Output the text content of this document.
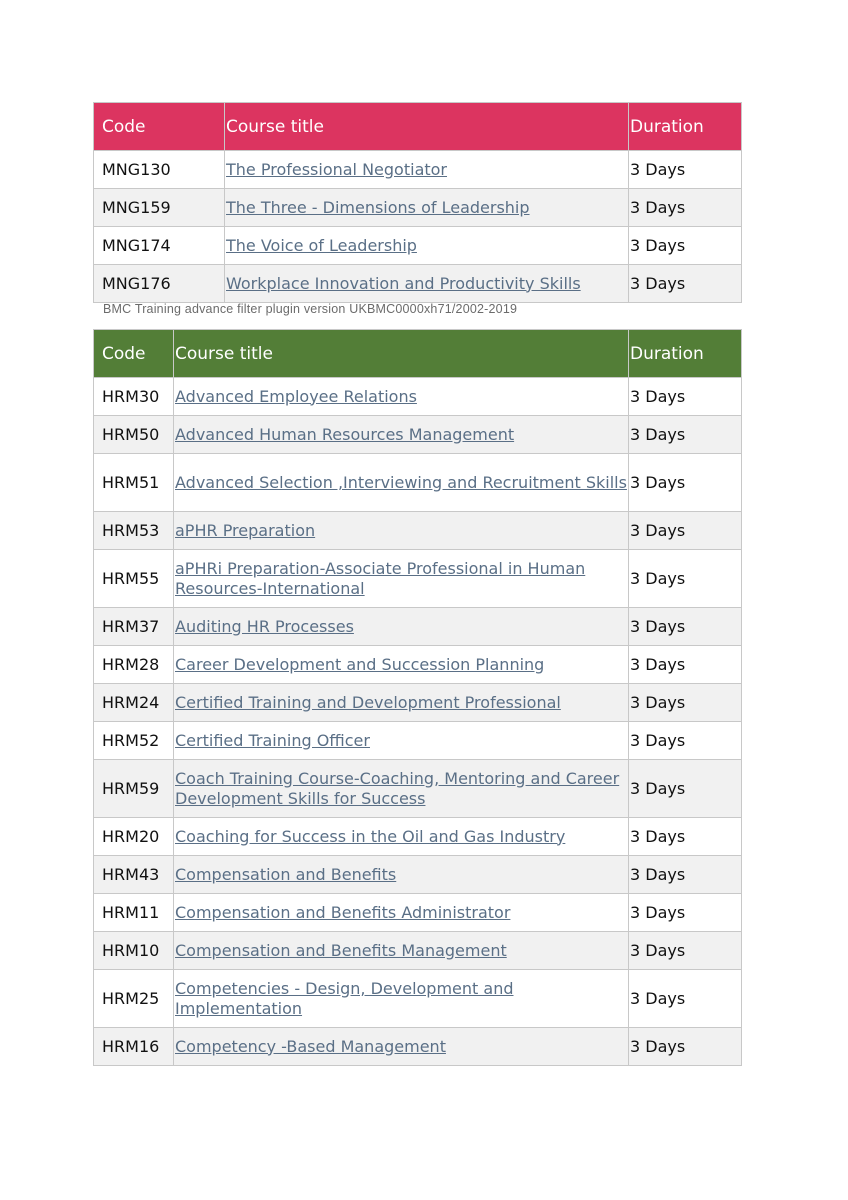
Code	Course title	Duration
MNG130	The Professional Negotiator	3 Days
MNG159	The Three - Dimensions of Leadership	3 Days
MNG174	The Voice of Leadership	3 Days
MNG176	Workplace Innovation and Productivity Skills	3 Days
BMC Training advance filter plugin version UKBMC0000xh71/2002-2019
Code	Course title	Duration
HRM30	Advanced Employee Relations	3 Days
HRM50	Advanced Human Resources Management	3 Days
HRM51	Advanced Selection ,Interviewing and Recruitment Skills	3 Days
HRM53	aPHR Preparation	3 Days
HRM55	aPHRi Preparation-Associate Professional in Human Resources-International	3 Days
HRM37	Auditing HR Processes	3 Days
HRM28	Career Development and Succession Planning	3 Days
HRM24	Certified Training and Development Professional	3 Days
HRM52	Certified Training Officer	3 Days
HRM59	Coach Training Course-Coaching, Mentoring and Career Development Skills for Success	3 Days
HRM20	Coaching for Success in the Oil and Gas Industry	3 Days
HRM43	Compensation and Benefits	3 Days
HRM11	Compensation and Benefits Administrator	3 Days
HRM10	Compensation and Benefits Management	3 Days
HRM25	Competencies - Design, Development and Implementation	3 Days
HRM16	Competency -Based Management	3 Days
